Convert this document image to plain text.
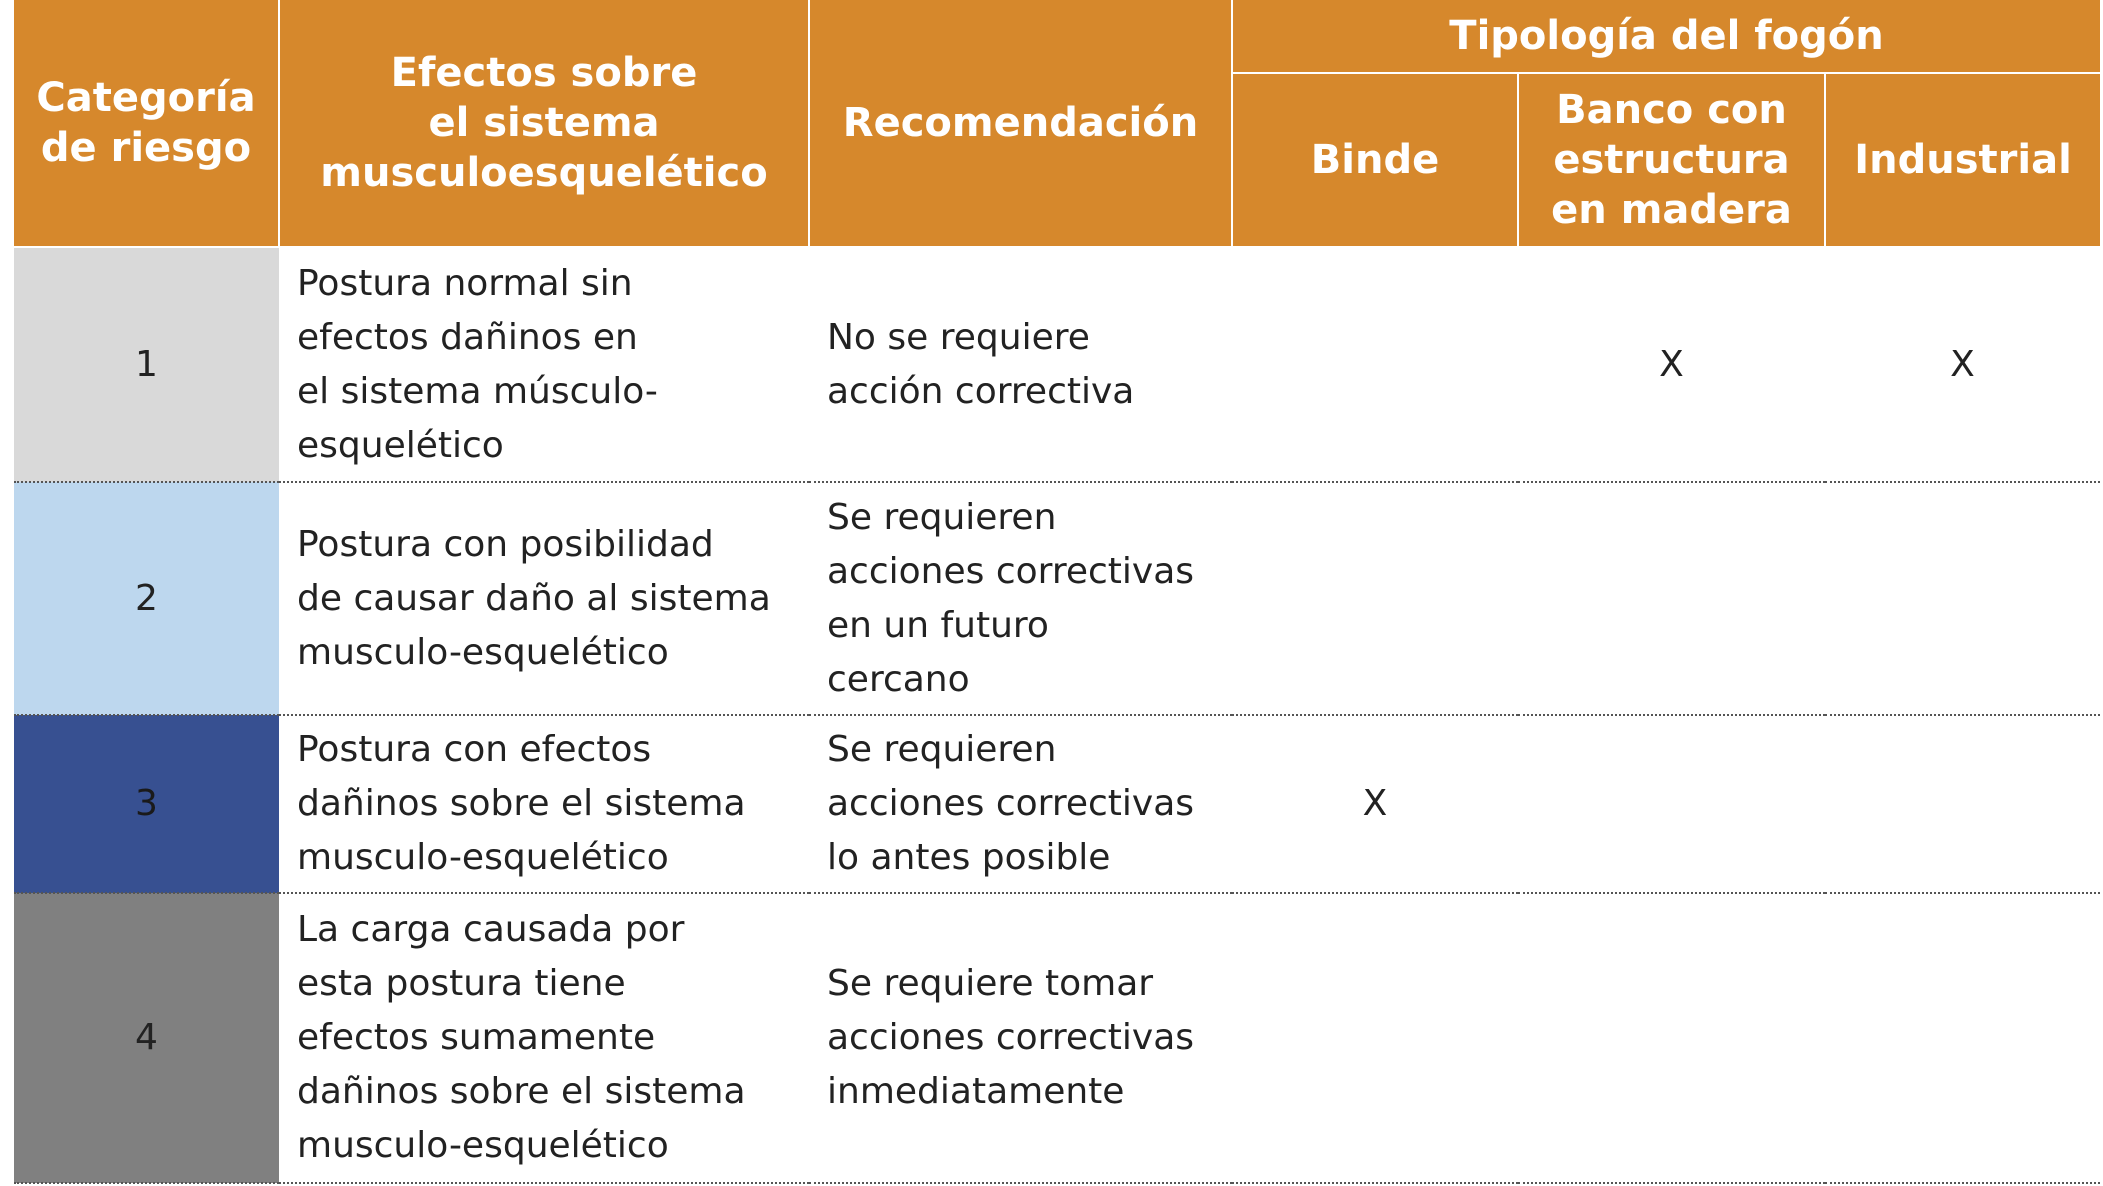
Categoría
de riesgo	Efectos sobre
el sistema
musculoesquelético	Recomendación	Tipología del fogón		

			Binde	Banco con
estructura
en madera	Industrial

1	Postura normal sin
efectos dañinos en
el sistema músculo-
esquelético	No se requiere
acción correctiva		X	X
2	Postura con posibilidad
de causar daño al sistema
musculo-esquelético	Se requieren
acciones correctivas
en un futuro
cercano			

3	Postura con efectos
dañinos sobre el sistema
musculo-esquelético	Se requieren
acciones correctivas
lo antes posible	X		
4	La carga causada por
esta postura tiene
efectos sumamente
dañinos sobre el sistema
musculo-esquelético	Se requiere tomar
acciones correctivas
inmediatamente			
